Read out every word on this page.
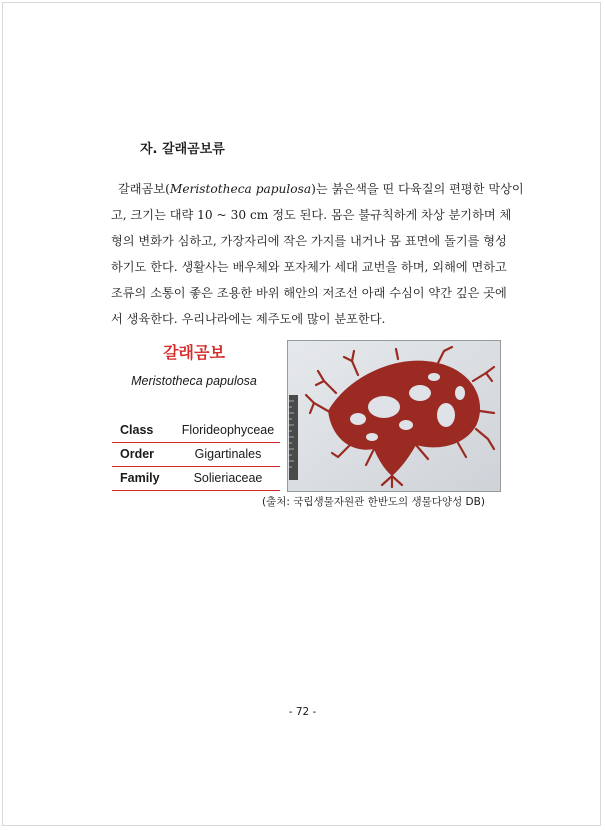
자. 갈래곰보류
갈래곰보(Meristotheca papulosa)는 붉은색을 띤 다육질의 편평한 막상이
고, 크기는 대략 10 ~ 30 cm 정도 된다. 몸은 불규칙하게 차상 분기하며 체
형의 변화가 심하고, 가장자리에 작은 가지를 내거나 몸 표면에 돌기를 형성
하기도 한다. 생활사는 배우체와 포자체가 세대 교번을 하며, 외해에 면하고
조류의 소통이 좋은 조용한 바위 해안의 저조선 아래 수심이 약간 깊은 곳에
서 생육한다. 우리나라에는 제주도에 많이 분포한다.
갈래곰보
Meristotheca papulosa
Class	Florideophyceae
Order	Gigartinales
Family	Solieriaceae
(출처: 국립생물자원관 한반도의 생물다양성 DB)
- 72 -
